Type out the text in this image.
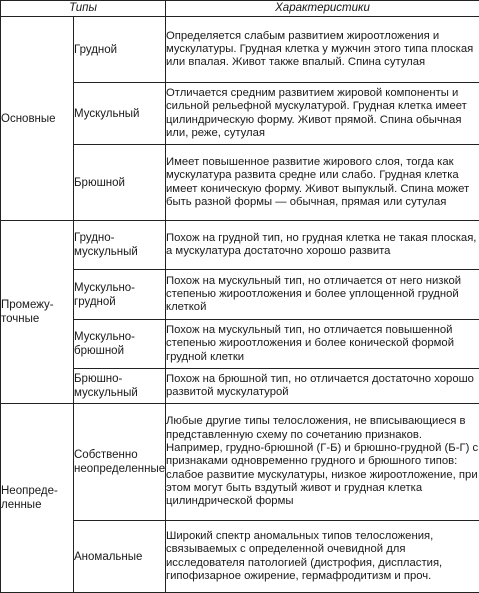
Типы		Характеристики
Основные	Грудной	Определяется слабым развитием жироотложения и мускулатуры. Грудная клетка у мужчин этого типа плоская или впалая. Живот также впалый. Спина сутулая
	Мускульный	Отличается средним развитием жировой компоненты и сильной рельефной мускулатурой. Грудная клетка имеет цилиндрическую форму. Живот прямой. Спина обычная или, реже, сутулая
	Брюшной	Имеет повышенное развитие жирового слоя, тогда как мускулатура развита средне или слабо. Грудная клетка имеет коническую форму. Живот выпуклый. Спина может быть разной формы — обычная, прямая или сутулая
Промежу-точные	Грудно-мускульный	Похож на грудной тип, но грудная клетка не такая плоская, а мускулатура достаточно хорошо развита
	Мускульно-грудной	Похож на мускульный тип, но отличается от него низкой степенью жироотложения и более уплощенной грудной клеткой
	Мускульно-брюшной	Похож на мускульный тип, но отличается повышенной степенью жироотложения и более конической формой грудной клетки
	Брюшно-мускульный	Похож на брюшной тип, но отличается достаточно хорошо развитой мускулатурой
Неопреде-ленные	Собственно неопределенные	Любые другие типы телосложения, не вписывающиеся в представленную схему по сочетанию признаков. Например, грудно-брюшной (Г-Б) и брюшно-грудной (Б-Г) с признаками одновременно грудного и брюшного типов: слабое развитие мускулатуры, низкое жироотложение, при этом могут быть вздутый живот и грудная клетка цилиндрической формы
	Аномальные	Широкий спектр аномальных типов телосложения, связываемых с определенной очевидной для исследователя патологией (дистрофия, диспластия, гипофизарное ожирение, гермафродитизм и проч.
